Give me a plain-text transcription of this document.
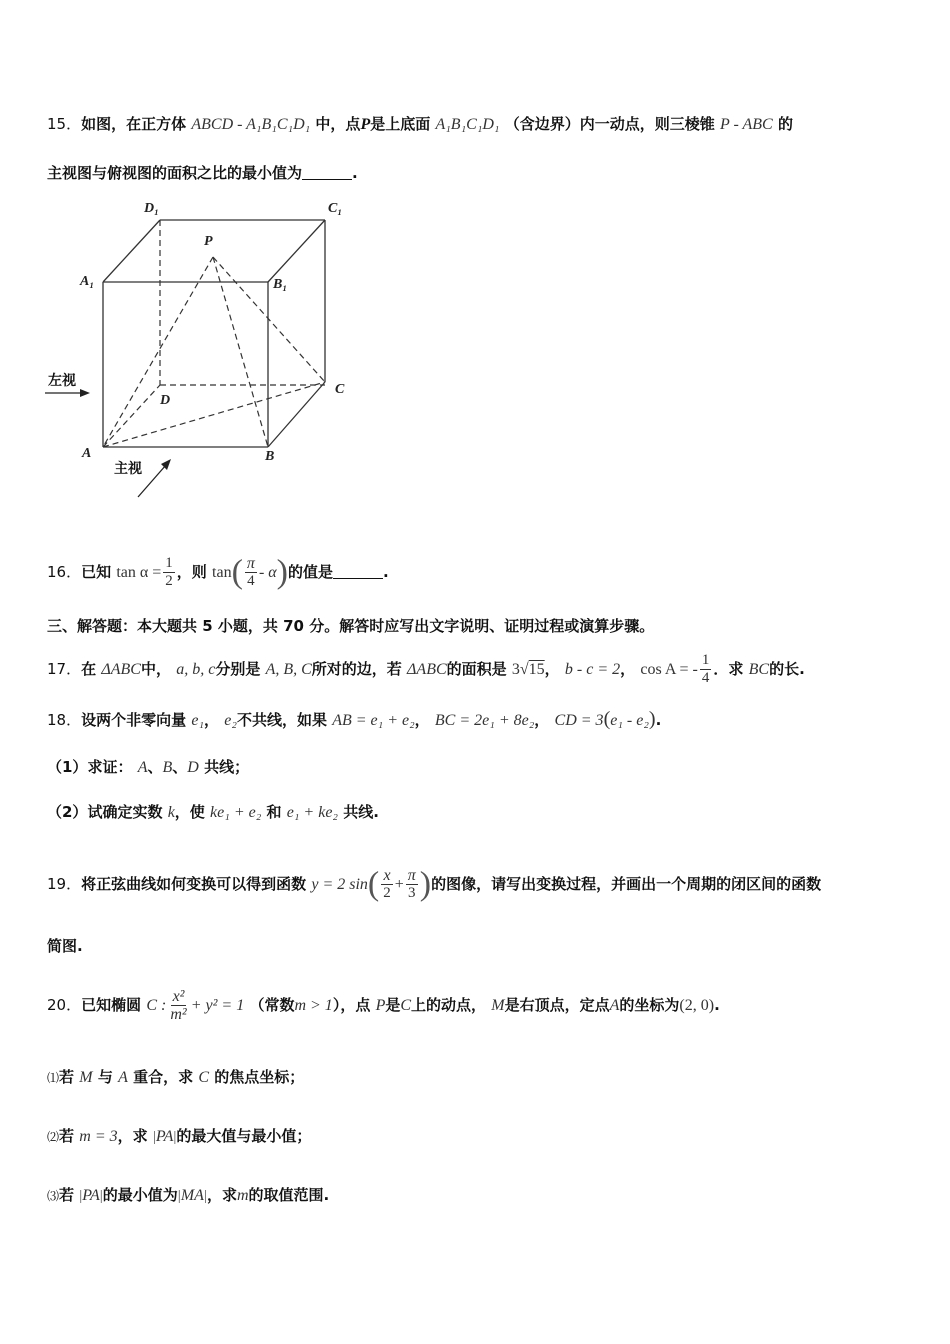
15．如图，在正方体 ABCD - A₁B₁C₁D₁ 中，点P是上底面 A₁B₁C₁D₁ （含边界）内一动点，则三棱锥 P - ABC 的
主视图与俯视图的面积之比的最小值为	.
D₁	C₁
A₁	B₁
P
D
C
A	B
左视
主视
16．已知 $\tan \alpha = \frac{1}{2}$ ，则 $\tan( \frac{\pi}{4} - \alpha)$的值是	.
三、解答题：本大题共 5 小题，共 70 分。解答时应写出文字说明、证明过程或演算步骤。
17．在 ΔABC中， a, b, c分别是 A, B, C所对的边，若 ΔABC的面积是 3√15， b - c = 2， cos A = - $\frac{1}{4}$ ．求 BC的长.
18．设两个非零向量 e₁， e₂不共线，如果 AB = e₁ + e₂， BC = 2e₁ + 8e₂， CD = 3(e₁ - e₂).
（1）求证： A、B、D 共线；
（2）试确定实数 k，使 ke₁ + e₂ 和 e₁ + ke₂ 共线.
19．将正弦曲线如何变换可以得到函数 y = 2 $\sin( \frac{x}{2} + \frac{\pi}{3}$ )的图像，请写出变换过程，并画出一个周期的闭区间的函数
简图.
20．已知椭圆 C : $\frac{\text{x²}}{\text{m²}} + y^2 = 1$ （常数m > 1），点 P是C上的动点， M是右顶点，定点A的坐标为(2, 0).
⑴若 M 与 A 重合，求 C 的焦点坐标；
⑵若 m = 3，求 |PA|的最大值与最小值；
⑶若 |PA|的最小值为|MA|，求m的取值范围.
